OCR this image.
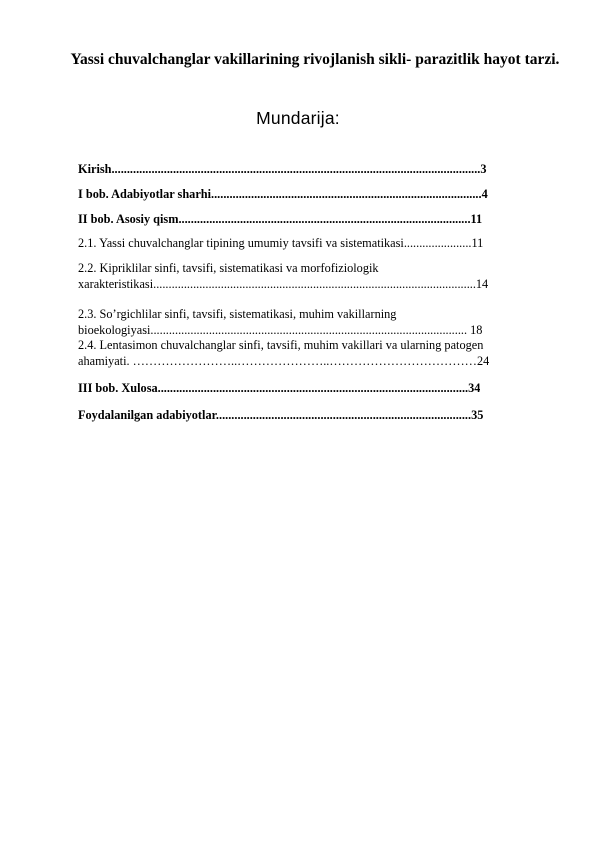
Yassi chuvalchanglar vakillarining rivojlanish sikli- parazitlik hayot tarzi.
Mundarija:
Kirish........................................................................................................................3
I bob. Adabiyotlar sharhi........................................................................................4
II bob. Asosiy qism...............................................................................................11
2.1. Yassi chuvalchanglar tipining umumiy tavsifi va sistematikasi......................11
2.2. Kipriklilar sinfi, tavsifi, sistematikasi va morfofiziologik
xarakteristikasi.........................................................................................................14
2.3. So’rgichlilar sinfi, tavsifi, sistematikasi, muhim vakillarning
bioekologiyasi....................................................................................................... 18
2.4. Lentasimon chuvalchanglar sinfi, tavsifi, muhim vakillari va ularning patogen
ahamiyati. ……………………..…………………..………………………………24
III bob. Xulosa.....................................................................................................34
Foydalanilgan adabiyotlar...................................................................................35
